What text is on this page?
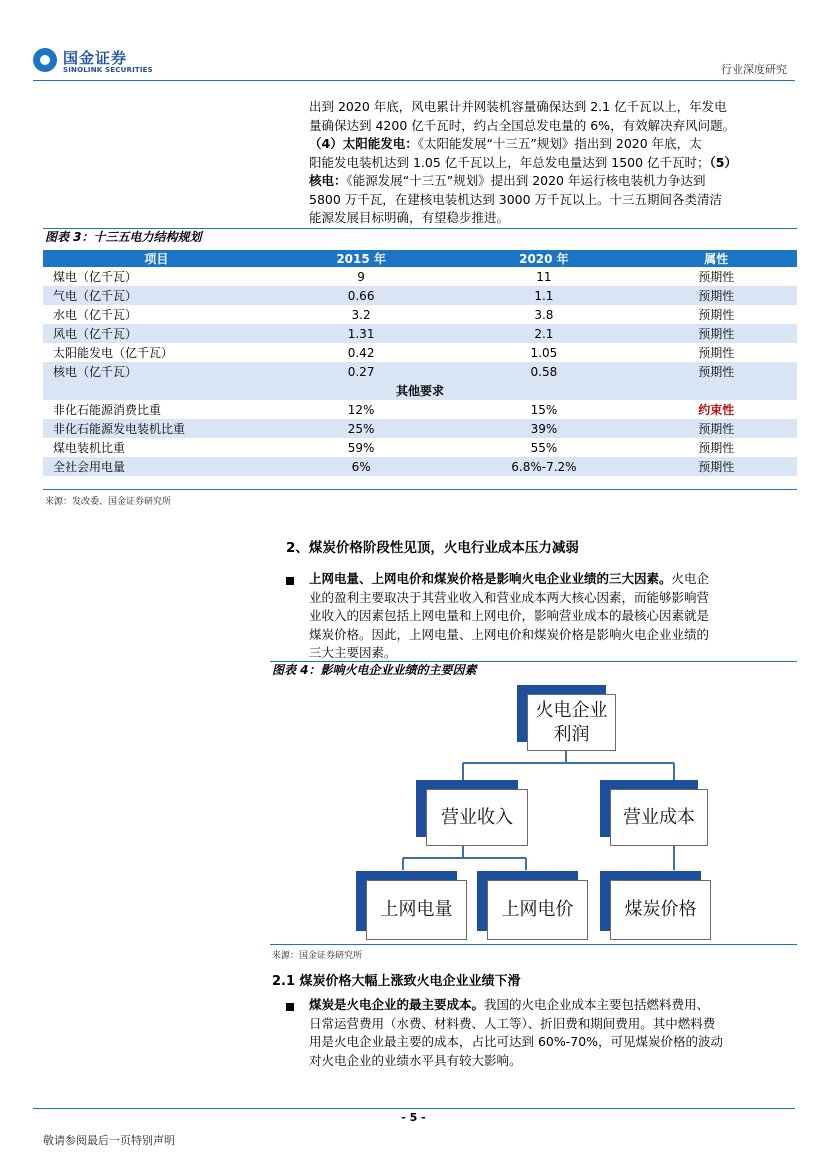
国金证券
SINOLINK SECURITIES	行业深度研究
出到 2020 年底，风电累计并网装机容量确保达到 2.1 亿千瓦以上，年发电
量确保达到 4200 亿千瓦时，约占全国总发电量的 6%，有效解决弃风问题。
（4）太阳能发电：《太阳能发展“十三五”规划》指出到 2020 年底，太
阳能发电装机达到 1.05 亿千瓦以上，年总发电量达到 1500 亿千瓦时；（5）
核电：《能源发展“十三五”规划》提出到 2020 年运行核电装机力争达到
5800 万千瓦，在建核电装机达到 3000 万千瓦以上。十三五期间各类清洁
能源发展目标明确，有望稳步推进。
图表 3：十三五电力结构规划
项目	2015 年	2020 年	属性
煤电（亿千瓦）	9	11	预期性
气电（亿千瓦）	0.66	1.1	预期性
水电（亿千瓦）	3.2	3.8	预期性
风电（亿千瓦）	1.31	2.1	预期性
太阳能发电（亿千瓦）	0.42	1.05	预期性
核电（亿千瓦）	0.27	0.58	预期性
其他要求			
非化石能源消费比重	12%	15%	约束性
非化石能源发电装机比重	25%	39%	预期性
煤电装机比重	59%	55%	预期性
全社会用电量	6%	6.8%-7.2%	预期性
来源：发改委、国金证券研究所
2、煤炭价格阶段性见顶，火电行业成本压力减弱
上网电量、上网电价和煤炭价格是影响火电企业业绩的三大因素。火电企
业的盈利主要取决于其营业收入和营业成本两大核心因素，而能够影响营
业收入的因素包括上网电量和上网电价，影响营业成本的最核心因素就是
煤炭价格。因此，上网电量、上网电价和煤炭价格是影响火电企业业绩的
三大主要因素。
图表 4：影响火电企业业绩的主要因素
火电企业
利润
营业收入	营业成本
上网电量	上网电价	煤炭价格
来源：国金证券研究所
2.1 煤炭价格大幅上涨致火电企业业绩下滑
煤炭是火电企业的最主要成本。我国的火电企业成本主要包括燃料费用、
日常运营费用（水费、材料费、人工等）、折旧费和期间费用。其中燃料费
用是火电企业最主要的成本，占比可达到 60%-70%，可见煤炭价格的波动
对火电企业的业绩水平具有较大影响。
- 5 -
敬请参阅最后一页特别声明
